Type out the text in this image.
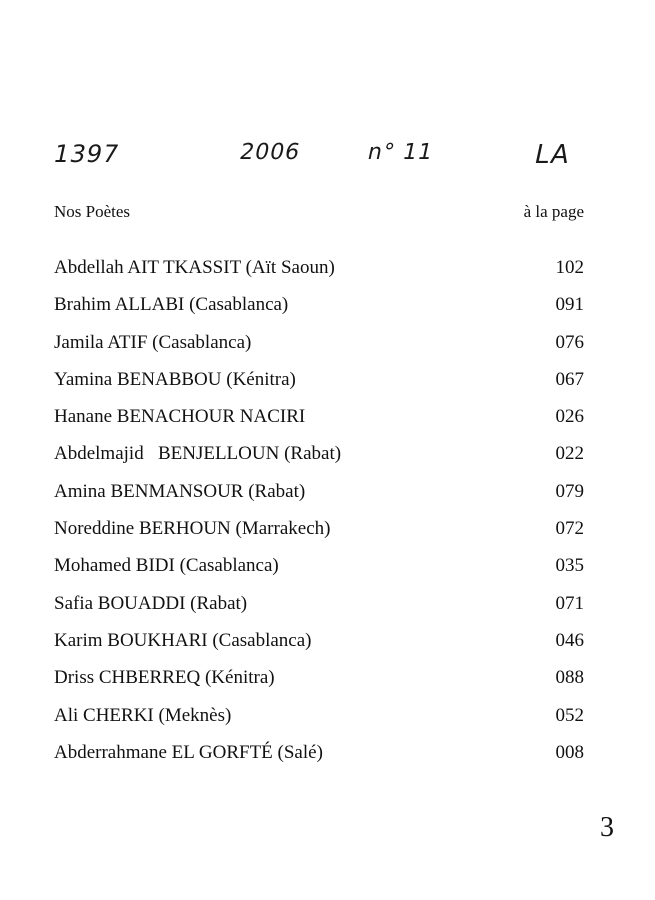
1397	2006	n° 11	LA
Nos Poètes	à la page
Abdellah AIT TKASSIT (Aït Saoun)	102
Brahim ALLABI (Casablanca)	091
Jamila ATIF (Casablanca)	076
Yamina BENABBOU (Kénitra)	067
Hanane BENACHOUR NACIRI	026
Abdelmajid   BENJELLOUN (Rabat)	022
Amina BENMANSOUR (Rabat)	079
Noreddine BERHOUN (Marrakech)	072
Mohamed BIDI (Casablanca)	035
Safia BOUADDI (Rabat)	071
Karim BOUKHARI (Casablanca)	046
Driss CHBERREQ (Kénitra)	088
Ali CHERKI (Meknès)	052
Abderrahmane EL GORFTÉ (Salé)	008
3
